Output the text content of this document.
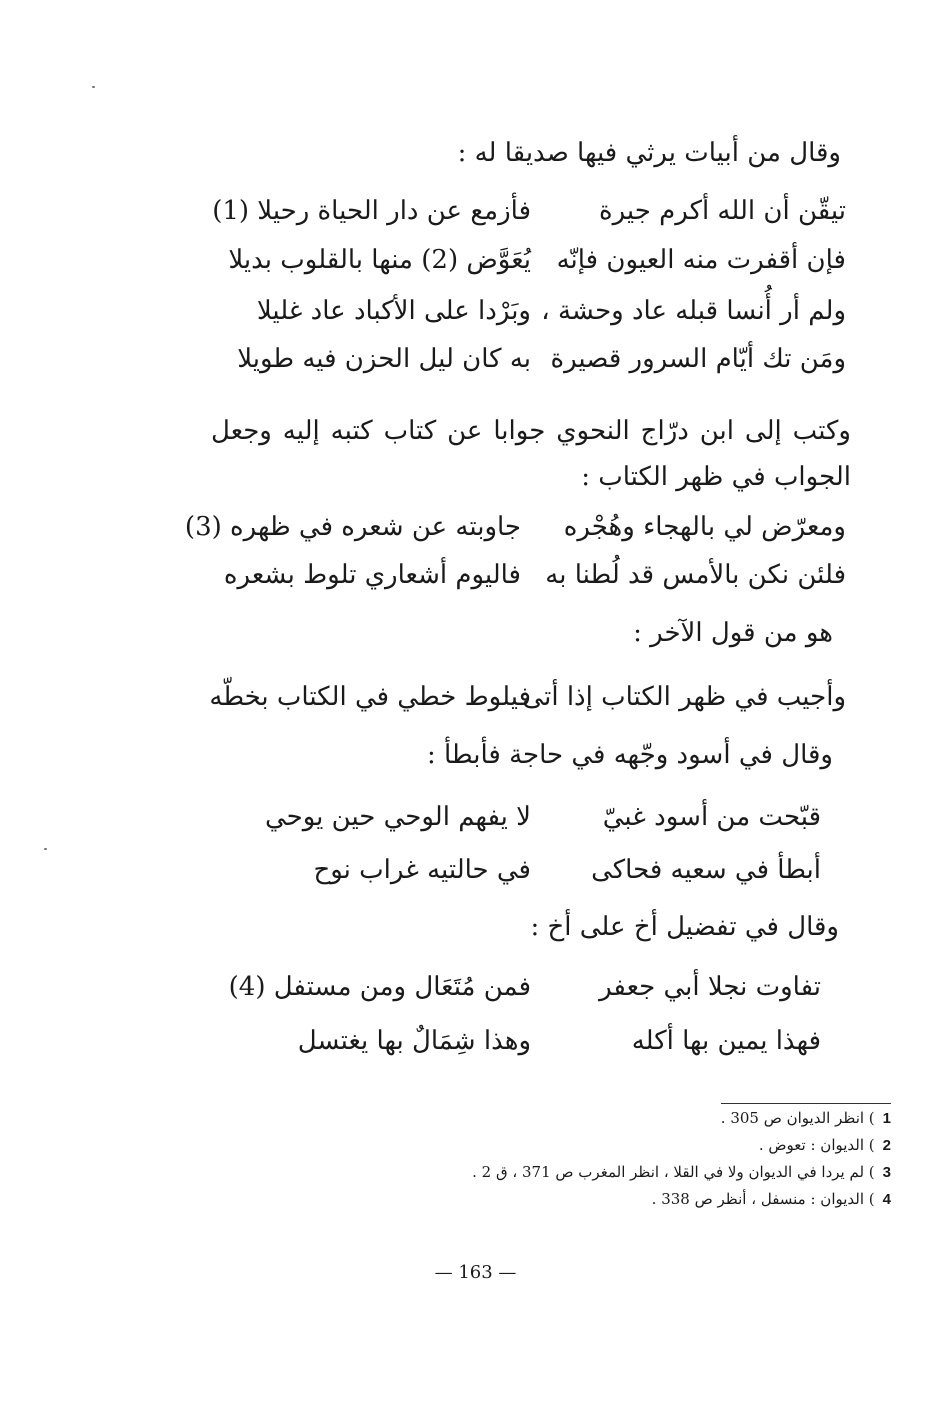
وقال من أبيات يرثي فيها صديقا له :
تيقّن أن الله أكرم جيرة
فأزمع عن دار الحياة رحيلا (1)
فإن أقفرت منه العيون فإنّه
يُعَوَّض (2) منها بالقلوب بديلا
ولم أر أُنسا قبله عاد وحشة ،
وبَرْدا على الأكباد عاد غليلا
ومَن تك أيّام السرور قصيرة
به كان ليل الحزن فيه طويلا
وكتب إلى ابن درّاج النحوي جوابا عن كتاب كتبه إليه وجعل الجواب في ظهر الكتاب :
ومعرّض لي بالهجاء وهُجْره
جاوبته عن شعره في ظهره (3)
فلئن نكن بالأمس قد لُطنا به
فاليوم أشعاري تلوط بشعره
هو من قول الآخر :
وأجيب في ظهر الكتاب إذا أتى
فيلوط خطي في الكتاب بخطّه
وقال في أسود وجّهه في حاجة فأبطأ :
قبّحت من أسود غبيّ
لا يفهم الوحي حين يوحي
أبطأ في سعيه فحاكى
في حالتيه غراب نوح
وقال في تفضيل أخ على أخ :
تفاوت نجلا أبي جعفر
فمن مُتَعَال ومن مستفل (4)
فهذا يمين بها أكله
وهذا شِمَالٌ بها يغتسل
1) انظر الديوان ص 305 .
2) الديوان : تعوض .
3) لم يردا في الديوان ولا في القلا ، انظر المغرب ص 371 ، ق 2 .
4) الديوان : منسفل ، أنظر ص 338 .
— 163 —
